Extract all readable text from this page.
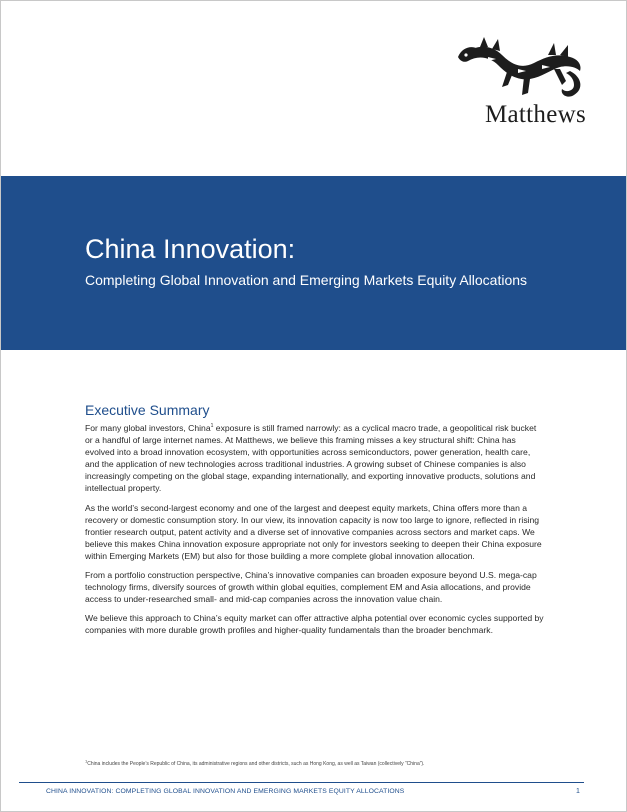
Matthews
China Innovation:

Completing Global Innovation and Emerging Markets Equity Allocations

Executive Summary

For many global investors, China$^1$ exposure is still framed narrowly: as a cyclical macro trade, a geopolitical risk bucket or a handful of large internet names. At Matthews, we believe this framing misses a key structural shift: China has evolved into a broad innovation ecosystem, with opportunities across semiconductors, power generation, health care, and the application of new technologies across traditional industries. A growing subset of Chinese companies is also increasingly competing on the global stage, expanding internationally, and exporting innovative products, solutions and intellectual property.

As the world’s second-largest economy and one of the largest and deepest equity markets, China offers more than a recovery or domestic consumption story. In our view, its innovation capacity is now too large to ignore, reflected in rising frontier research output, patent activity and a diverse set of innovative companies across sectors and market caps. We believe this makes China innovation exposure appropriate not only for investors seeking to deepen their China exposure within Emerging Markets (EM) but also for those building a more complete global innovation allocation.

From a portfolio construction perspective, China’s innovative companies can broaden exposure beyond U.S. mega-cap technology firms, diversify sources of growth within global equities, complement EM and Asia allocations, and provide access to under-researched small- and mid-cap companies across the innovation value chain.

We believe this approach to China’s equity market can offer attractive alpha potential over economic cycles supported by companies with more durable growth profiles and higher-quality fundamentals than the broader benchmark.

$^1$China includes the People’s Republic of China, its administrative regions and other districts, such as Hong Kong, as well as Taiwan (collectively “China”).

CHINA INNOVATION: COMPLETING GLOBAL INNOVATION AND EMERGING MARKETS EQUITY ALLOCATIONS	1
